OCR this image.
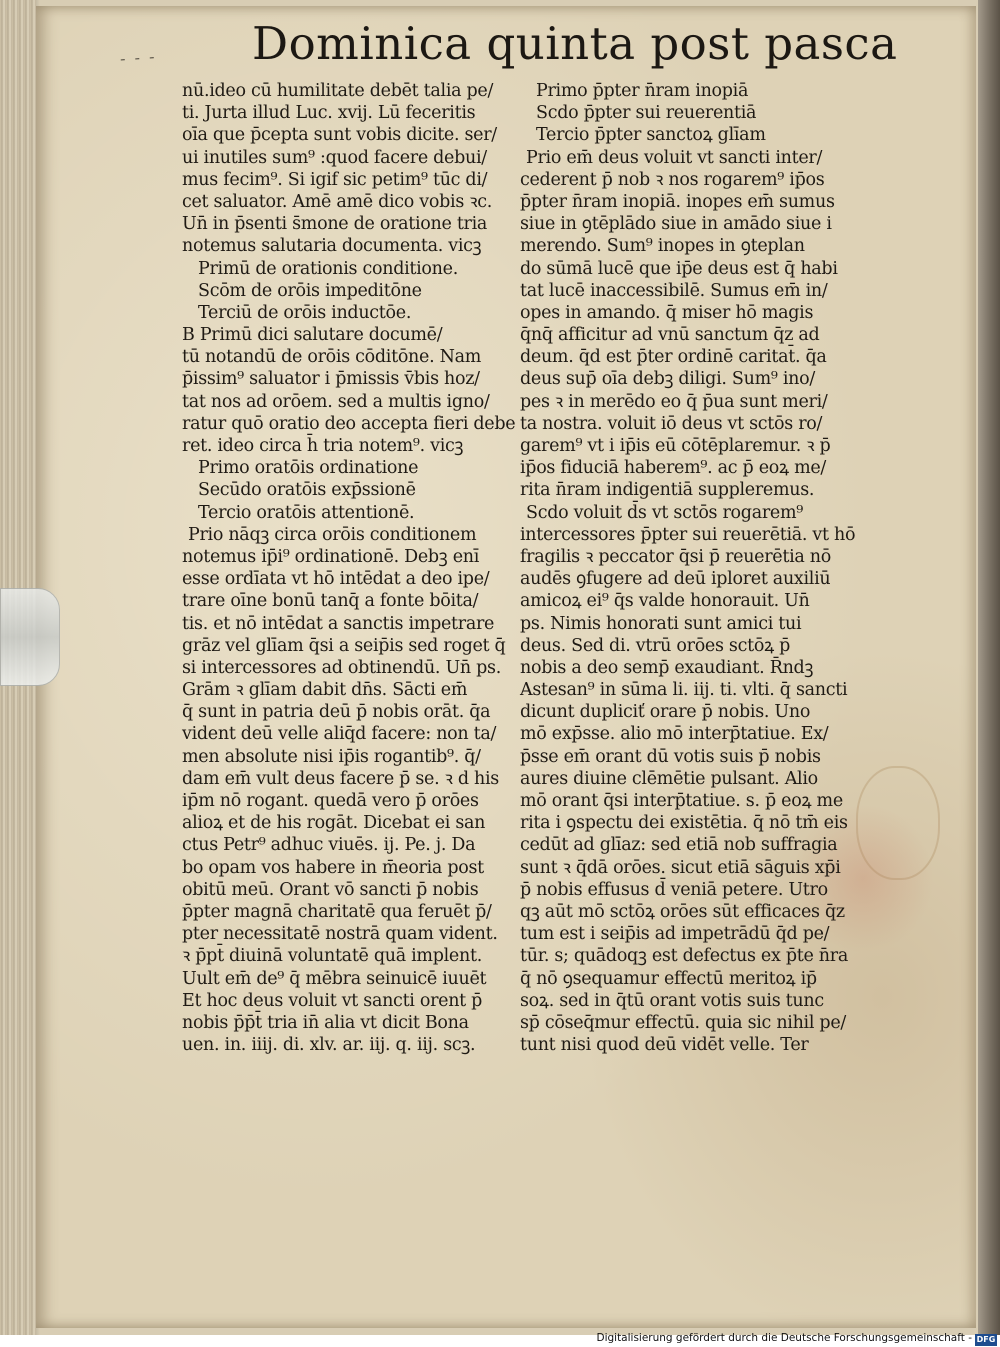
- - - Dominica quinta post pasca
nū.ideo cū humilitate debēt talia pe/
ti. Jurta illud Luc. xvij. Lū feceritis
oīa que p̄cepta sunt vobis dicite. ser/
ui inutiles sum⁹ :quod facere debui/
mus fecim⁹. Si igif sic petim⁹ tūc di/
cet saluator. Amē amē dico vobis ꝛc.
Un̄ in p̄senti s̄mone de oratione tria
notemus salutaria documenta. vicꝫ
Primū de orationis conditione.
Scōm de orōis impeditōne
Terciū de orōis inductōe.
B Primū dici salutare documē/
tū notandū de orōis cōditōne. Nam
p̄issim⁹ saluator i p̄missis v̄bis hoz/
tat nos ad orōem. sed a multis igno/
ratur quō oratio deo accepta fieri debe
ret. ideo circa h̄ tria notem⁹. vicꝫ
Primo oratōis ordinatione
Secūdo oratōis exp̄ssionē
Tercio oratōis attentionē.
Prio nāqꝫ circa orōis conditionem
notemus ip̄i⁹ ordinationē. Debꝫ enī
esse ordīata vt hō intēdat a deo ipe/
trare oīne bonū tanq̄ a fonte bōita/
tis. et nō intēdat a sanctis impetrare
grāz vel glīam q̄si a seip̄is sed roget q̄
si intercessores ad obtinendū. Un̄ ps.
Grām ꝛ glīam dabit dn̄s. Sācti em̄
q̄ sunt in patria deū p̄ nobis orāt. q̄a
vident deū velle aliq̄d facere: non ta/
men absolute nisi ip̄is rogantib⁹. q̄/
dam em̄ vult deus facere p̄ se. ꝛ d his
ip̄m nō rogant. quedā vero p̄ orōes
alioꝝ et de his rogāt. Dicebat ei san
ctus Petr⁹ adhuc viuēs. ij. Pe. j. Da
bo opam vos habere in m̄eoria post
obitū meū. Orant vō sancti p̄ nobis
p̄pter magnā charitatē qua feruēt p̄/
pter necessitatē nostrā quam vident.
ꝛ p̄pt̄ diuinā voluntatē quā implent.
Uult em̄ de⁹ q̄ mēbra seinuicē iuuēt
Et hoc deus voluit vt sancti orent p̄
nobis p̄p̄t̄ tria in̄ alia vt dicit Bona
uen. in. iiij. di. xlv. ar. iij. q. iij. scꝫ.
Primo p̄pter n̄ram inopiā
Scdo p̄pter sui reuerentiā
Tercio p̄pter sanctoꝝ glīam
Prio em̄ deus voluit vt sancti inter/
cederent p̄ nob ꝛ nos rogarem⁹ ip̄os
p̄pter n̄ram inopiā. inopes em̄ sumus
siue in ꝯtēplādo siue in amādo siue i
merendo. Sum⁹ inopes in ꝯteplan
do sūmā lucē que ip̄e deus est q̄ habi
tat lucē inaccessibilē. Sumus em̄ in/
opes in amando. q̄ miser hō magis
q̄nq̄ afficitur ad vnū sanctum q̄z ad
deum. q̄d est p̄ter ordinē caritat̄. q̄a
deus sup̄ oīa debꝫ diligi. Sum⁹ ino/
pes ꝛ in merēdo eo q̄ p̄ua sunt meri/
ta nostra. voluit iō deus vt sctōs ro/
garem⁹ vt i ip̄is eū cōtēplaremur. ꝛ p̄
ip̄os fiduciā haberem⁹. ac p̄ eoꝝ me/
rita n̄ram indigentiā suppleremus.
Scdo voluit d̄s vt sctōs rogarem⁹
intercessores p̄pter sui reuerētiā. vt hō
fragilis ꝛ peccator q̄si p̄ reuerētia nō
audēs ꝯfugere ad deū iploret auxiliū
amicoꝝ ei⁹ q̄s valde honorauit. Un̄
ps. Nimis honorati sunt amici tui
deus. Sed di. vtrū orōes sctōꝝ p̄
nobis a deo semp̄ exaudiant. R̄ndꝫ
Astesan⁹ in sūma li. iij. ti. vlti. q̄ sancti
dicunt dupliciť orare p̄ nobis. Uno
mō exp̄sse. alio mō interp̄tatiue. Ex/
p̄sse em̄ orant dū votis suis p̄ nobis
aures diuine clēmētie pulsant. Alio
mō orant q̄si interp̄tatiue. s. p̄ eoꝝ me
rita i ꝯspectu dei existētia. q̄ nō tm̄ eis
cedūt ad glīaz: sed etiā nob suffragia
sunt ꝛ q̄dā orōes. sicut etiā sāguis xp̄i
p̄ nobis effusus d̄ veniā petere. Utro
qꝫ aūt mō sctōꝝ orōes sūt efficaces q̄z
tum est i seip̄is ad impetrādū q̄d pe/
tūr. s; quādoqꝫ est defectus ex p̄te n̄ra
q̄ nō ꝯsequamur effectū meritoꝝ ip̄
soꝝ. sed in q̄tū orant votis suis tunc
sp̄ cōseq̄mur effectū. quia sic nihil pe/
tunt nisi quod deū vidēt velle. Ter
Digitalisierung gefördert durch die Deutsche Forschungsgemeinschaft - DFG
